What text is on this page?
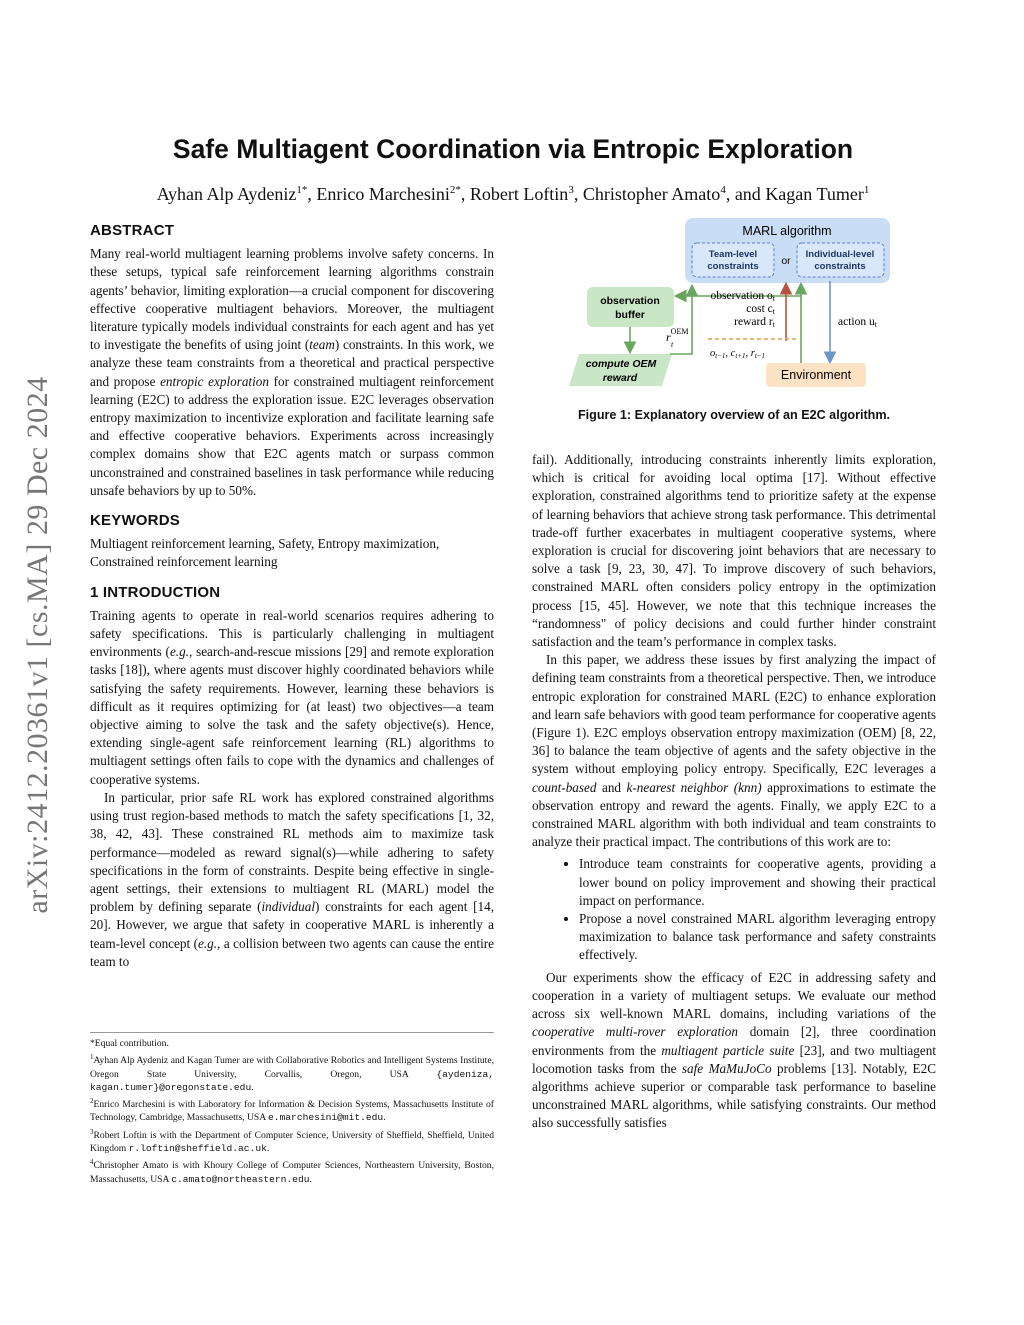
arXiv:2412.20361v1 [cs.MA] 29 Dec 2024
Safe Multiagent Coordination via Entropic Exploration
Ayhan Alp Aydeniz$^{1*}$, Enrico Marchesini$^{2*}$, Robert Loftin$^3$, Christopher Amato$^4$, and Kagan Tumer$^1$
ABSTRACT

Many real-world multiagent learning problems involve safety concerns. In these setups, typical safe reinforcement learning algorithms constrain agents’ behavior, limiting exploration—a crucial component for discovering effective cooperative multiagent behaviors. Moreover, the multiagent literature typically models individual constraints for each agent and has yet to investigate the benefits of using joint (team) constraints. In this work, we analyze these team constraints from a theoretical and practical perspective and propose entropic exploration for constrained multiagent reinforcement learning (E2C) to address the exploration issue. E2C leverages observation entropy maximization to incentivize exploration and facilitate learning safe and effective cooperative behaviors. Experiments across increasingly complex domains show that E2C agents match or surpass common unconstrained and constrained baselines in task performance while reducing unsafe behaviors by up to 50%.

KEYWORDS

Multiagent reinforcement learning, Safety, Entropy maximization, Constrained reinforcement learning

1 INTRODUCTION

Training agents to operate in real-world scenarios requires adhering to safety specifications. This is particularly challenging in multiagent environments (e.g., search-and-rescue missions [29] and remote exploration tasks [18]), where agents must discover highly coordinated behaviors while satisfying the safety requirements. However, learning these behaviors is difficult as it requires optimizing for (at least) two objectives—a team objective aiming to solve the task and the safety objective(s). Hence, extending single-agent safe reinforcement learning (RL) algorithms to multiagent settings often fails to cope with the dynamics and challenges of cooperative systems.

In particular, prior safe RL work has explored constrained algorithms using trust region-based methods to match the safety specifications [1, 32, 38, 42, 43]. These constrained RL methods aim to maximize task performance—modeled as reward signal(s)—while adhering to safety specifications in the form of constraints. Despite being effective in single-agent settings, their extensions to multiagent RL (MARL) model the problem by defining separate (individual) constraints for each agent [14, 20]. However, we argue that safety in cooperative MARL is inherently a team-level concept (e.g., a collision between two agents can cause the entire team to

*Equal contribution.

$^1$Ayhan Alp Aydeniz and Kagan Tumer are with Collaborative Robotics and Intelligent Systems Institute, Oregon State University, Corvallis, Oregon, USA {aydeniza, kagan.tumer}@oregonstate.edu.

$^2$Enrico Marchesini is with Laboratory for Information & Decision Systems, Massachusetts Institute of Technology, Cambridge, Massachusetts, USA e.marchesini@mit.edu.

$^3$Robert Loftin is with the Department of Computer Science, University of Sheffield, Sheffield, United Kingdom r.loftin@sheffield.ac.uk.

$^4$Christopher Amato is with Khoury College of Computer Sciences, Northeastern University, Boston, Massachusetts, USA c.amato@northeastern.edu.

MARL algorithm
Team-level
constraints or
Individual-level
constraints
observation
buffer
compute OEM
reward	Environment
observation ot
cost ct
reward rt	action ut
$r^{OEM}$
t
ot−1, ct+1, rt−1
Figure 1: Explanatory overview of an E2C algorithm.

fail). Additionally, introducing constraints inherently limits exploration, which is critical for avoiding local optima [17]. Without effective exploration, constrained algorithms tend to prioritize safety at the expense of learning behaviors that achieve strong task performance. This detrimental trade-off further exacerbates in multiagent cooperative systems, where exploration is crucial for discovering joint behaviors that are necessary to solve a task [9, 23, 30, 47]. To improve discovery of such behaviors, constrained MARL often considers policy entropy in the optimization process [15, 45]. However, we note that this technique increases the “randomness" of policy decisions and could further hinder constraint satisfaction and the team’s performance in complex tasks.

In this paper, we address these issues by first analyzing the impact of defining team constraints from a theoretical perspective. Then, we introduce entropic exploration for constrained MARL (E2C) to enhance exploration and learn safe behaviors with good team performance for cooperative agents (Figure 1). E2C employs observation entropy maximization (OEM) [8, 22, 36] to balance the team objective of agents and the safety objective in the system without employing policy entropy. Specifically, E2C leverages a count-based and k-nearest neighbor (knn) approximations to estimate the observation entropy and reward the agents. Finally, we apply E2C to a constrained MARL algorithm with both individual and team constraints to analyze their practical impact. The contributions of this work are to:

• Introduce team constraints for cooperative agents, providing a lower bound on policy improvement and showing their practical impact on performance.
• Propose a novel constrained MARL algorithm leveraging entropy maximization to balance task performance and safety constraints effectively.

Our experiments show the efficacy of E2C in addressing safety and cooperation in a variety of multiagent setups. We evaluate our method across six well-known MARL domains, including variations of the cooperative multi-rover exploration domain [2], three coordination environments from the multiagent particle suite [23], and two multiagent locomotion tasks from the safe MaMuJoCo problems [13]. Notably, E2C algorithms achieve superior or comparable task performance to baseline unconstrained MARL algorithms, while satisfying constraints. Our method also successfully satisfies
